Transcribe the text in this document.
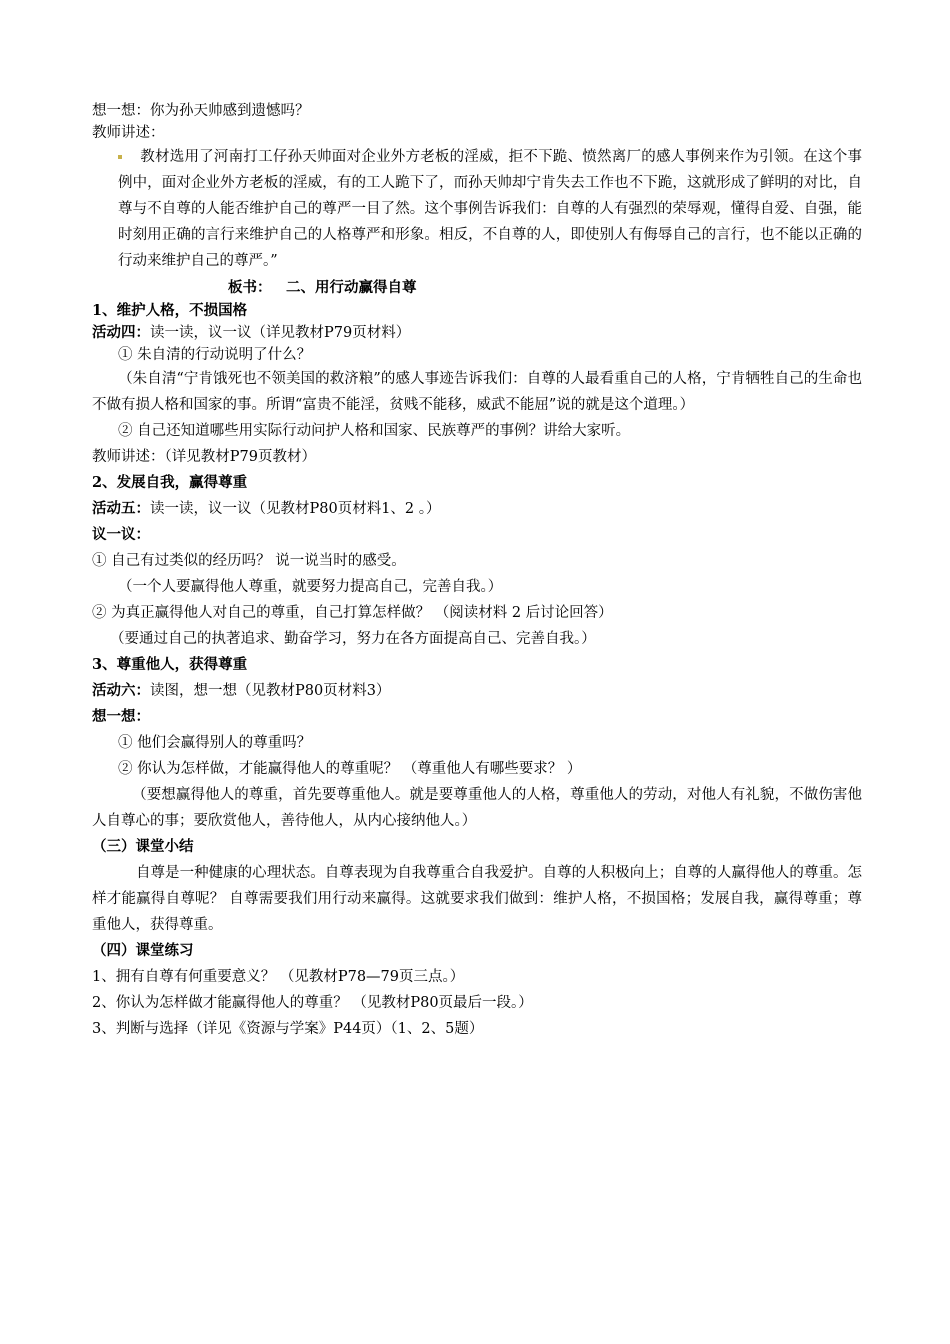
想一想：你为孙天帅感到遗憾吗？
教师讲述：
教材选用了河南打工仔孙天帅面对企业外方老板的淫威，拒不下跪、愤然离厂的感人事例来作为引领。在这个事例中，面对企业外方老板的淫威，有的工人跪下了，而孙天帅却宁肯失去工作也不下跪，这就形成了鲜明的对比，自尊与不自尊的人能否维护自己的尊严一目了然。这个事例告诉我们：自尊的人有强烈的荣辱观，懂得自爱、自强，能时刻用正确的言行来维护自己的人格尊严和形象。相反，不自尊的人，即使别人有侮辱自己的言行，也不能以正确的行动来维护自己的尊严。”
板书： 二、用行动赢得自尊
1、维护人格，不损国格
活动四：读一读，议一议（详见教材P79页材料）
① 朱自清的行动说明了什么？
（朱自清“宁肯饿死也不领美国的救济粮”的感人事迹告诉我们：自尊的人最看重自己的人格，宁肯牺牲自己的生命也不做有损人格和国家的事。所谓“富贵不能淫，贫贱不能移，威武不能屈”说的就是这个道理。）
② 自己还知道哪些用实际行动问护人格和国家、民族尊严的事例？讲给大家听。
教师讲述：（详见教材P79页教材）
2、发展自我，赢得尊重
活动五：读一读，议一议（见教材P80页材料1、2 。）
议一议：
① 自己有过类似的经历吗？ 说一说当时的感受。
（一个人要赢得他人尊重，就要努力提高自己，完善自我。）
② 为真正赢得他人对自己的尊重，自己打算怎样做？ （阅读材料 2 后讨论回答）
（要通过自己的执著追求、勤奋学习，努力在各方面提高自己、完善自我。）
3、尊重他人，获得尊重
活动六：读图，想一想（见教材P80页材料3）
想一想：
① 他们会赢得别人的尊重吗？
② 你认为怎样做，才能赢得他人的尊重呢？ （尊重他人有哪些要求？ ）
（要想赢得他人的尊重，首先要尊重他人。就是要尊重他人的人格，尊重他人的劳动，对他人有礼貌，不做伤害他人自尊心的事；要欣赏他人，善待他人，从内心接纳他人。）
（三）课堂小结
自尊是一种健康的心理状态。自尊表现为自我尊重合自我爱护。自尊的人积极向上；自尊的人赢得他人的尊重。怎样才能赢得自尊呢？ 自尊需要我们用行动来赢得。这就要求我们做到：维护人格，不损国格；发展自我，赢得尊重；尊重他人，获得尊重。
（四）课堂练习
1、拥有自尊有何重要意义？ （见教材P78—79页三点。）
2、你认为怎样做才能赢得他人的尊重？ （见教材P80页最后一段。）
3、判断与选择（详见《资源与学案》P44页）（1、2、5题）
